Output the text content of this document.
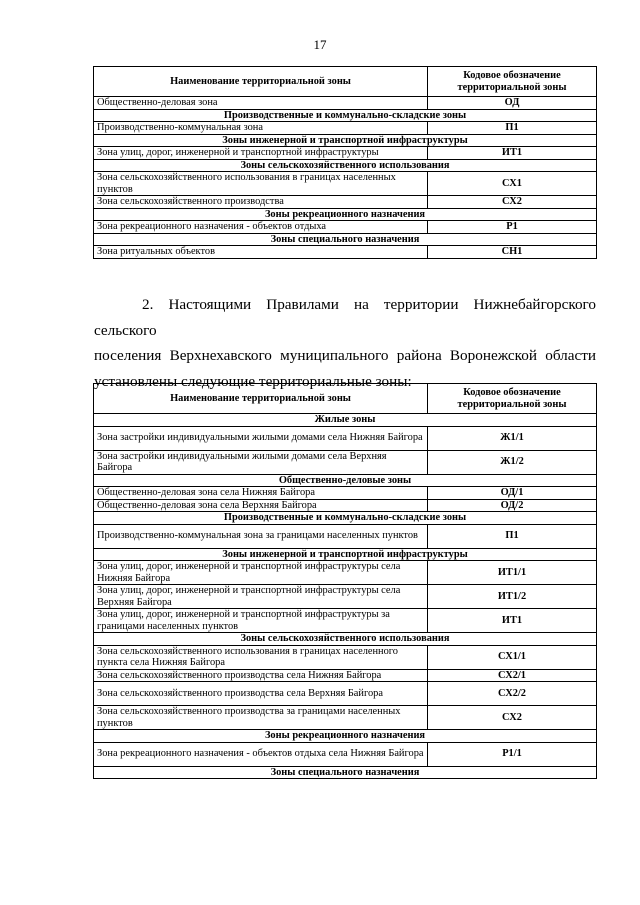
17
Наименование территориальной зоны	Кодовое обозначение территориальной зоны
Общественно-деловая зона	ОД
Производственные и коммунально-складские зоны	
Производственно-коммунальная зона	П1
Зоны инженерной и транспортной инфраструктуры	
Зона улиц, дорог, инженерной и транспортной инфраструктуры	ИТ1
Зоны сельскохозяйственного использования	
Зона сельскохозяйственного использования в границах населенных пунктов	СХ1
Зона сельскохозяйственного производства	СХ2
Зоны рекреационного назначения	
Зона рекреационного назначения - объектов отдыха	Р1
Зоны специального назначения	
Зона ритуальных объектов	СН1
2. Настоящими Правилами на территории Нижнебайгорского сельского
поселения Верхнехавского муниципального района Воронежской области
установлены следующие территориальные зоны:
Наименование территориальной зоны	Кодовое обозначение территориальной зоны
Жилые зоны	
Зона застройки индивидуальными жилыми домами села Нижняя Байгора	Ж1/1
Зона застройки индивидуальными жилыми домами села Верхняя Байгора	Ж1/2
Общественно-деловые зоны	
Общественно-деловая зона села Нижняя Байгора	ОД/1
Общественно-деловая зона села Верхняя Байгора	ОД/2
Производственные и коммунально-складские зоны	
Производственно-коммунальная зона за границами населенных пунктов	П1
Зоны инженерной и транспортной инфраструктуры	
Зона улиц, дорог, инженерной и транспортной инфраструктуры села Нижняя Байгора	ИТ1/1
Зона улиц, дорог, инженерной и транспортной инфраструктуры села Верхняя Байгора	ИТ1/2
Зона улиц, дорог, инженерной и транспортной инфраструктуры за границами населенных пунктов	ИТ1
Зоны сельскохозяйственного использования	
Зона сельскохозяйственного использования в границах населенного пункта села Нижняя Байгора	СХ1/1
Зона сельскохозяйственного производства села Нижняя Байгора	СХ2/1
Зона сельскохозяйственного производства села Верхняя Байгора	СХ2/2
Зона сельскохозяйственного производства за границами населенных пунктов	СХ2
Зоны рекреационного назначения	
Зона рекреационного назначения - объектов отдыха села Нижняя Байгора	Р1/1
Зоны специального назначения	
